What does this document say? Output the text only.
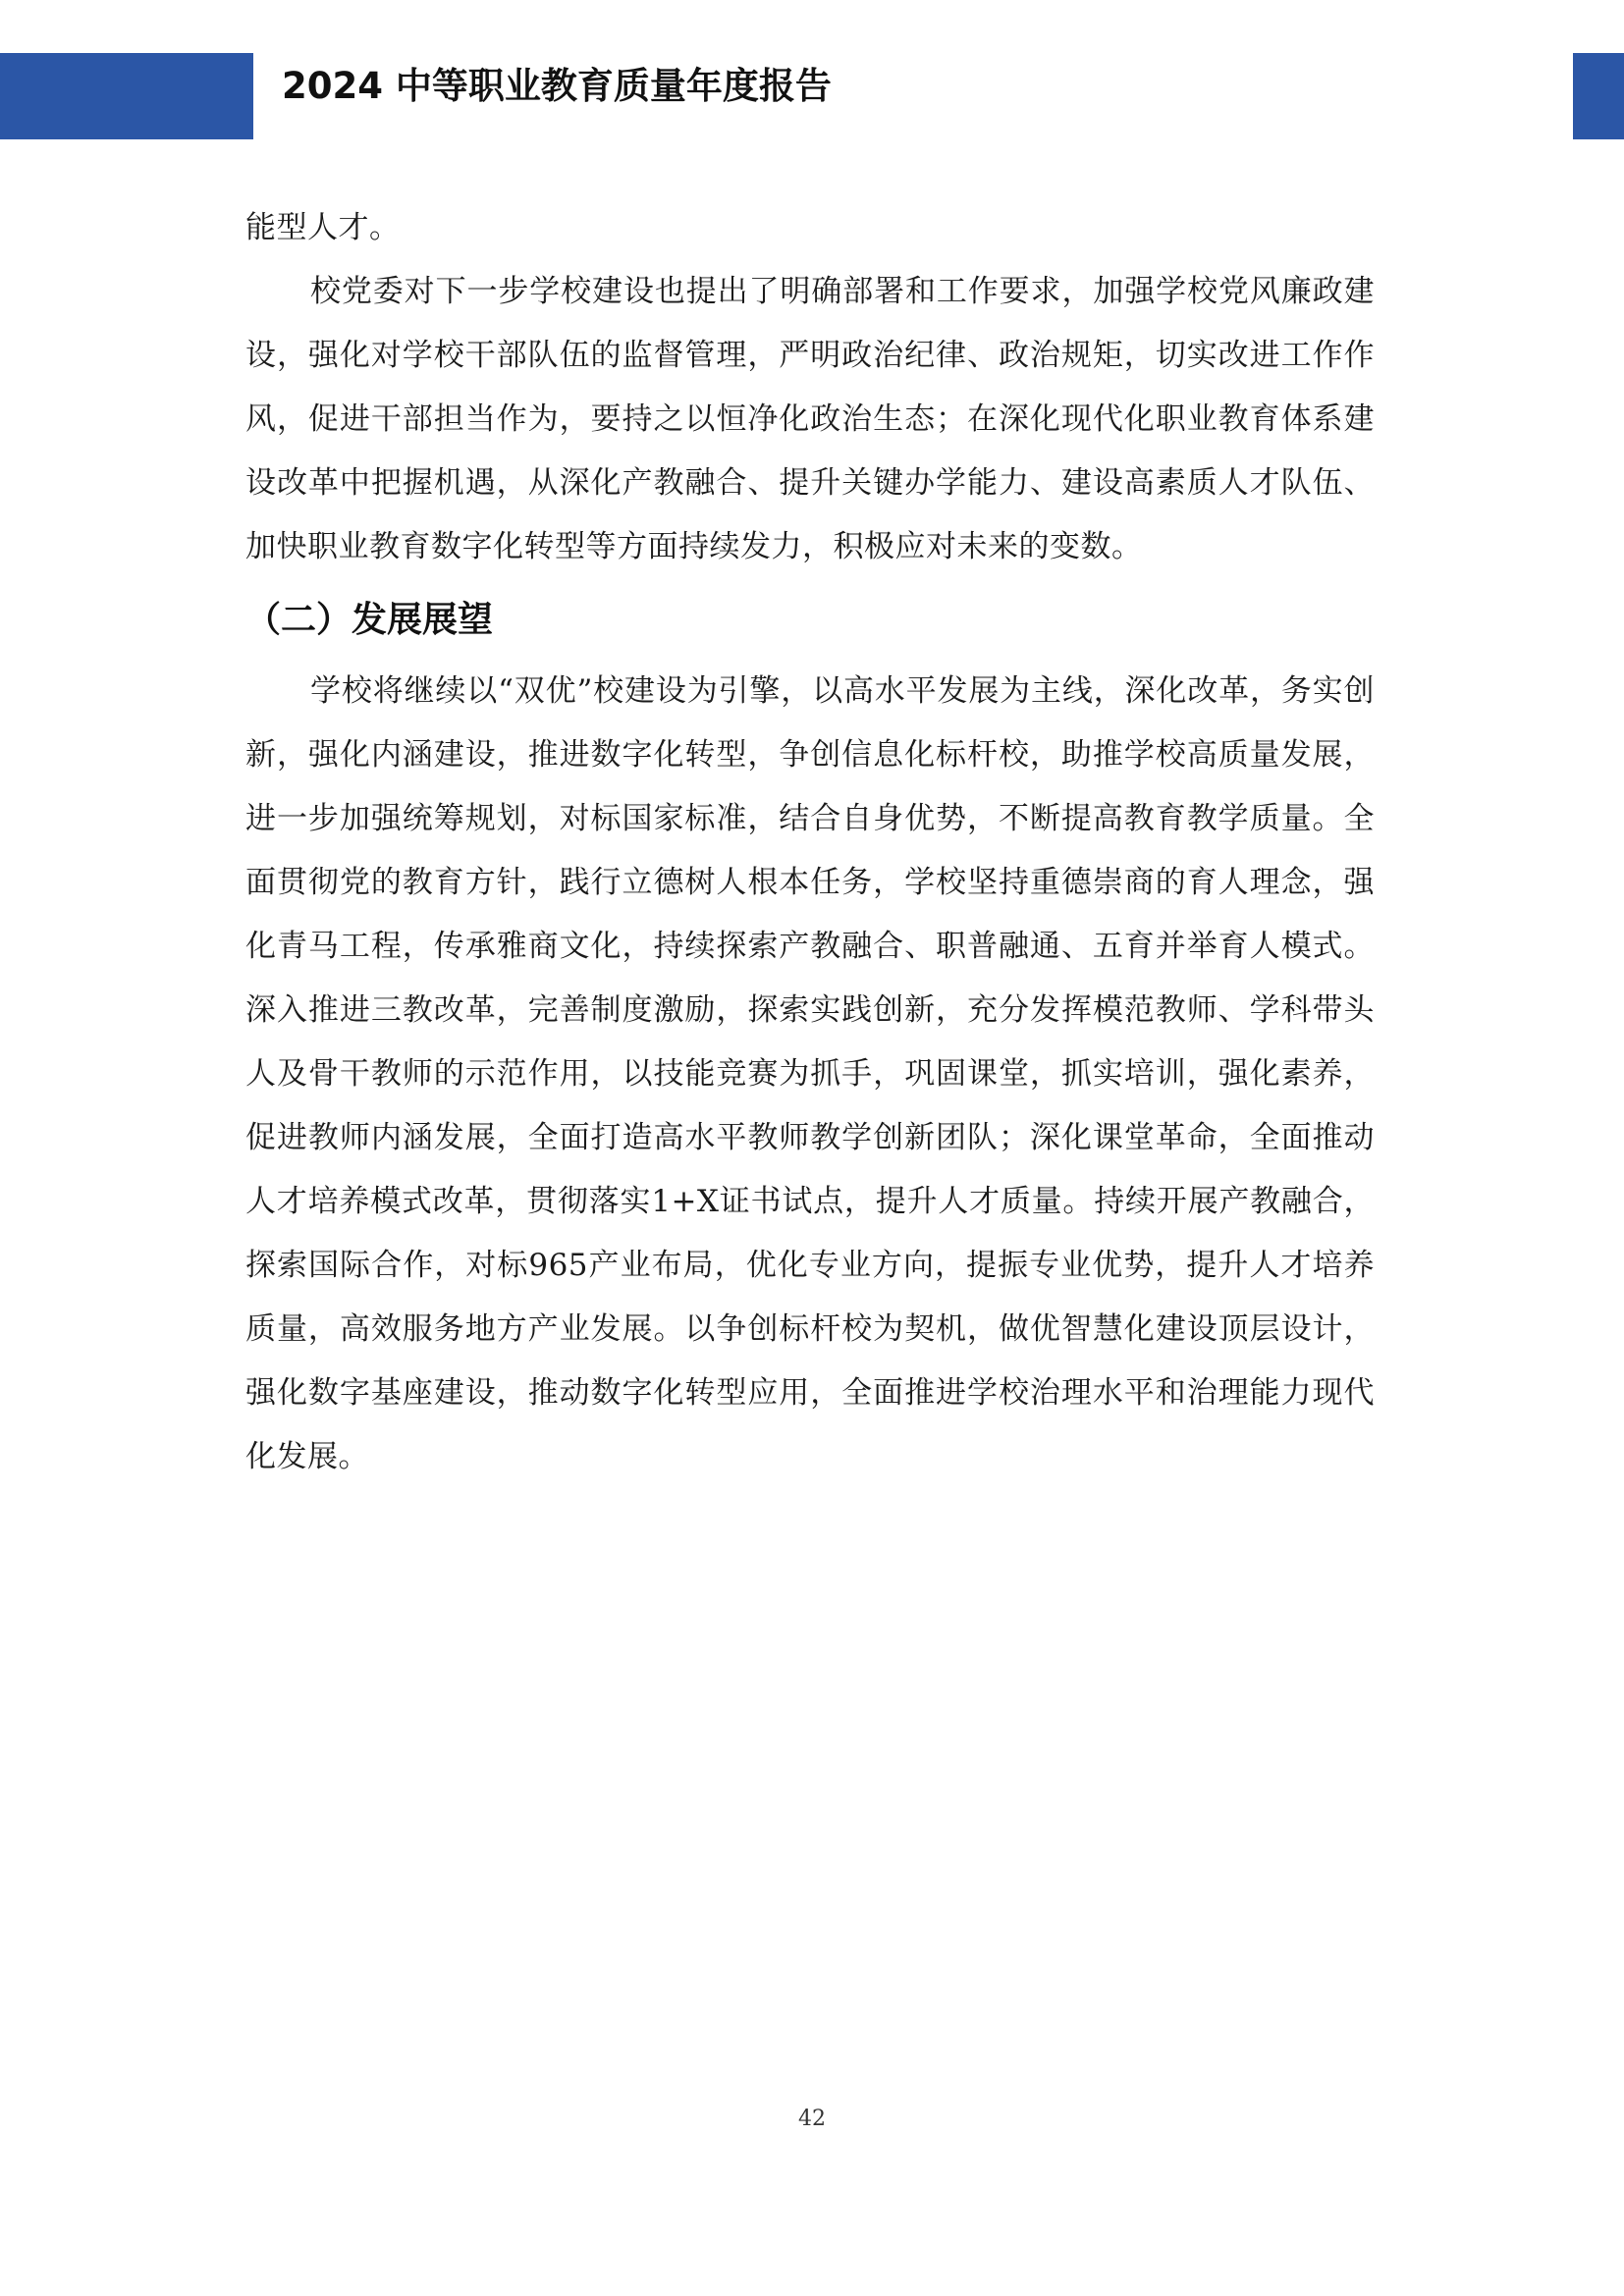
2024 中等职业教育质量年度报告

能型人才。

校党委对下一步学校建设也提出了明确部署和工作要求，加强学校党风廉政建设，强化对学校干部队伍的监督管理，严明政治纪律、政治规矩，切实改进工作作风，促进干部担当作为，要持之以恒净化政治生态；在深化现代化职业教育体系建设改革中把握机遇，从深化产教融合、提升关键办学能力、建设高素质人才队伍、加快职业教育数字化转型等方面持续发力，积极应对未来的变数。

（二）发展展望

学校将继续以“双优”校建设为引擎，以高水平发展为主线，深化改革，务实创新，强化内涵建设，推进数字化转型，争创信息化标杆校，助推学校高质量发展，进一步加强统筹规划，对标国家标准，结合自身优势，不断提高教育教学质量。全面贯彻党的教育方针，践行立德树人根本任务，学校坚持重德崇商的育人理念，强化青马工程，传承雅商文化，持续探索产教融合、职普融通、五育并举育人模式。深入推进三教改革，完善制度激励，探索实践创新，充分发挥模范教师、学科带头人及骨干教师的示范作用，以技能竞赛为抓手，巩固课堂，抓实培训，强化素养，促进教师内涵发展，全面打造高水平教师教学创新团队；深化课堂革命，全面推动人才培养模式改革，贯彻落实1+X证书试点，提升人才质量。持续开展产教融合，探索国际合作，对标965产业布局，优化专业方向，提振专业优势，提升人才培养质量，高效服务地方产业发展。以争创标杆校为契机，做优智慧化建设顶层设计，强化数字基座建设，推动数字化转型应用，全面推进学校治理水平和治理能力现代化发展。

42
